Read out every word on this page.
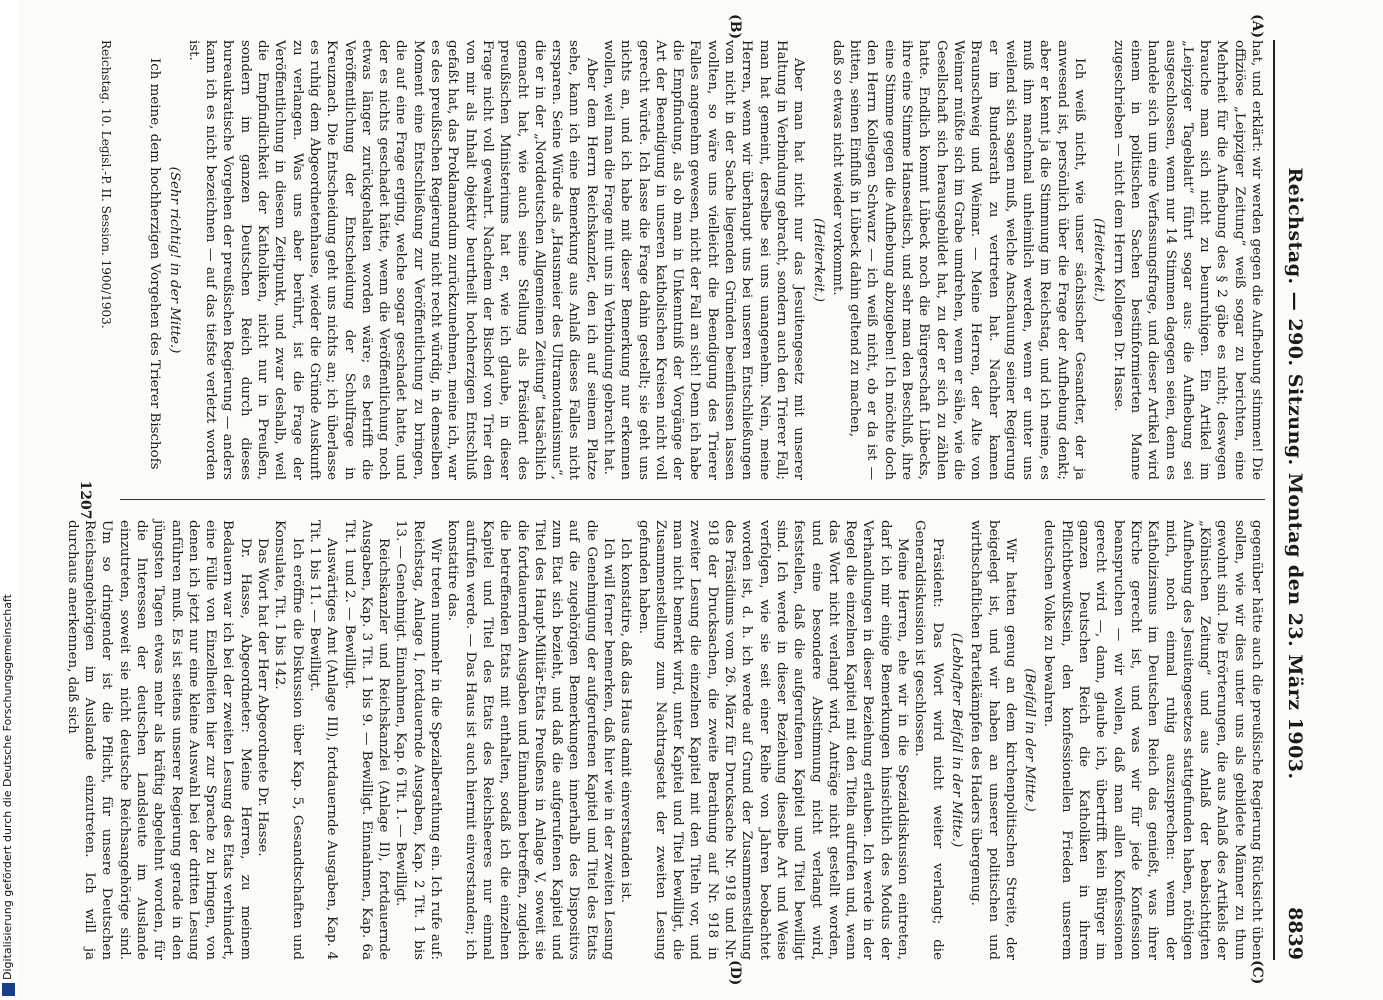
Reichstag. — 290. Sitzung. Montag den 23. März 1903.
8839
(A)
(B)
(C)
(D)

hat, und erklärt: wir werden gegen die Aufhebung stimmen! Die offiziöse „Leipziger Zeitung“ weiß sogar zu berichten, eine Mehrheit für die Aufhebung des § 2 gäbe es nicht; deswegen brauche man sich nicht zu beunruhigen. Ein Artikel im „Leipziger Tageblatt“ führt sogar aus: die Aufhebung sei ausgeschlossen, wenn nur 14 Stimmen dagegen seien, denn es handele sich um eine Verfassungsfrage, und dieser Artikel wird einem in politischen Sachen bestinformierten Manne zugeschrieben — nicht dem Herrn Kollegen Dr. Hasse.

(Heiterkeit.)

Ich weiß nicht, wie unser sächsischer Gesandter, der ja anwesend ist, persönlich über die Frage der Aufhebung denkt; aber er kennt ja die Stimmung im Reichstag, und ich meine, es muß ihm manchmal unheimlich werden, wenn er unter uns weilend sich sagen muß, welche Anschauung seiner Regierung er im Bundesrath zu vertreten hat. Nachher kamen Braunschweig und Weimar. — Meine Herren, der Alte von Weimar müßte sich im Grabe umdrehen, wenn er sähe, wie die Gesellschaft sich herausgebildet hat, zu der er sich zu zählen hatte. Endlich kommt Lübeck noch die Bürgerschaft Lübecks, ihre eine Stimme Hanseatisch, und sehr man den Beschluß, ihre eine Stimme gegen die Aufhebung abzugeben! Ich möchte doch den Herrn Kollegen Schwarz — ich weiß nicht, ob er da ist — bitten, seinen Einfluß in Lübeck dahin geltend zu machen,

daß so etwas nicht wieder vorkommt.

(Heiterkeit.)

Aber man hat nicht nur das Jesuitengesetz mit unserer Haltung in Verbindung gebracht, sondern auch den Trierer Fall; man hat gemeint, derselbe sei uns unangenehm. Nein, meine Herren, wenn wir überhaupt uns bei unseren Entschließungen von nicht in der Sache liegenden Gründen beeinflussen lassen wollten, so wäre uns vielleicht die Beendigung des Trierer Falles angenehm gewesen, nicht der Fall an sich! Denn ich habe die Empfindung, als ob man in Unkenntniß der Vorgänge der Art der Beendigung in unseren katholischen Kreisen nicht voll gerecht würde. Ich lasse die Frage dahin gestellt; sie geht uns nichts an, und ich habe mit dieser Bemerkung nur erkennen wollen, weil man die Frage mit uns in Verbindung gebracht hat.

Aber dem Herrn Reichskanzler, den ich auf seinem Platze sehe, kann ich eine Bemerkung aus Anlaß dieses Falles nicht ersparen. Seine Würde als „Hausmeier des Ultramontanismus“, die er in der „Norddeutschen Allgemeinen Zeitung“ tatsächlich gemacht hat, wie auch seine Stellung als Präsident des preußischen Ministeriums hat er, wie ich glaube, in dieser Frage nicht voll gewahrt. Nachdem der Bischof von Trier den von mir als Inhalt objektiv beurtheilt hochherzigen Entschluß gefaßt hat, das Proklamandum zurückzunehmen, meine ich, war es des preußischen Regierung nicht recht würdig, in demselben Moment eine Entschließung zur Veröffentlichung zu bringen, die auf eine Frage erging, welche sogar geschadet hatte, und der es nichts geschadet hätte, wenn die Veröffentlichung noch etwas länger zurückgehalten worden wäre; es betrifft die Veröffentlichung der Entscheidung der Schulfrage in Kreuznach. Die Entscheidung geht uns nichts an; ich überlasse es ruhig dem Abgeordnetenhause, wieder die Gründe Auskunft zu verlangen. Was uns aber berührt, ist die Frage der Veröffentlichung in diesem Zeitpunkt, und zwar deshalb, weil die Empfindlichkeit der Katholiken, nicht nur in Preußen, sondern im ganzen Deutschen Reich durch dieses bureaukratische Vorgehen der preußischen Regierung — anders kann ich es nicht bezeichnen — auf das tiefste verletzt worden ist.

(Sehr richtig! in der Mitte.)

Ich meine, dem hochherzigen Vorgehen des Trierer Bischofs

gegenüber hätte auch die preußische Regierung Rücksicht üben sollen, wie wir dies unter uns als gebildete Männer zu thun gewohnt sind. Die Erörterungen, die aus Anlaß des Artikels der „Kölnischen Zeitung“ und aus Anlaß der beabsichtigten Aufhebung des Jesuitengesetzes stattgefunden haben, nöthigen mich, noch einmal ruhig auszusprechen: wenn der Katholizismus im Deutschen Reich das genießt, was ihrer Kirche gerecht ist, und was wir für jede Konfession beanspruchen — wir wollen, daß man allen Konfessionen gerecht wird —, dann, glaube ich, übertrifft kein Bürger im ganzen Deutschen Reich die Katholiken in ihrem Pflichtbewußtsein, den konfessionellen Frieden unserem deutschen Volke zu bewahren.

(Beifall in der Mitte.)

Wir hatten genug an dem kirchenpolitischen Streite, der beigelegt ist, und wir haben an unserer politischen und wirthschaftlichen Parteikämpfen des Haders übergenug.

(Lebhafter Beifall in der Mitte.)

Präsident: Das Wort wird nicht weiter verlangt; die Generaldiskussion ist geschlossen.

Meine Herren, ehe wir in die Spezialdiskussion eintreten, darf ich mir einige Bemerkungen hinsichtlich des Modus der Verhandlungen in dieser Beziehung erlauben. Ich werde in der Regel die einzelnen Kapitel mit den Titeln aufrufen und, wenn das Wort nicht verlangt wird, Anträge nicht gestellt worden, und eine besondere Abstimmung nicht verlangt wird, feststellen, daß die aufgerufenen Kapitel und Titel bewilligt sind. Ich werde in dieser Beziehung dieselbe Art und Weise verfolgen, wie sie seit einer Reihe von Jahren beobachtet worden ist, d. h. ich werde auf Grund der Zusammenstellung des Präsidiums vom 26. März für Drucksache Nr. 918 und Nr. 918 der Drucksachen, die zweite Berathung auf Nr. 918 in zweiter Lesung die einzelnen Kapitel mit den Titeln vor, und man nicht bemerkt wird, unter Kapitel und Titel bewilligt, die Zusammenstellung zum Nachtragsetat der zweiten Lesung gefunden haben.

Ich konstatire, daß das Haus damit einverstanden ist.

Ich will ferner bemerken, daß hier wie in der zweiten Lesung die Genehmigung der aufgerufenen Kapitel und Titel des Etats auf die zugehörigen Bemerkungen innerhalb des Dispositivs zum Etat sich bezieht, und daß die aufgerufenen Kapitel und Titel des Haupt-Militär-Etats Preußens in Anlage V, soweit sie die fortdauernden Ausgaben und Einnahmen betreffen, zugleich die betreffenden Etats mit enthalten, sodaß ich die einzelnen Kapitel und Titel des Etats des Reichsheeres nur einmal aufrufen werde. — Das Haus ist auch hiermit einverstanden; ich konstatire das.

Wir treten nunmehr in die Spezialberathung ein. Ich rufe auf: Reichstag, Anlage I, fortdauernde Ausgaben, Kap. 2 Tit. 1 bis 13. — Genehmigt. Einnahmen, Kap. 6 Tit. 1. — Bewilligt.

Reichskanzler und Reichskanzlei (Anlage II), fortdauernde Ausgaben, Kap. 3 Tit. 1 bis 9. — Bewilligt. Einnahmen, Kap. 6a Tit. 1 und 2. — Bewilligt.

Auswärtiges Amt (Anlage III), fortdauernde Ausgaben, Kap. 4 Tit. 1 bis 11. — Bewilligt.

Ich eröffne die Diskussion über Kap. 5, Gesandtschaften und Konsulate, Tit. 1 bis 142.

Das Wort hat der Herr Abgeordnete Dr. Hasse.

Dr. Hasse, Abgeordneter: Meine Herren, zu meinem Bedauern war ich bei der zweiten Lesung des Etats verhindert, eine Fülle von Einzelheiten hier zur Sprache zu bringen, von denen ich jetzt nur eine kleine Auswahl bei der dritten Lesung anführen muß. Es ist seitens unserer Regierung gerade in den jüngsten Tagen etwas mehr als kräftig abgelehnt worden, für die Interessen der deutschen Landsleute im Auslande einzutreten, soweit sie nicht deutsche Reichsangehörige sind. Um so dringender ist die Pflicht, für unsere Deutschen Reichsangehörigen im Auslande einzutreten. Ich will ja durchaus anerkennen, daß sich

Reichstag. 10. Legisl.-P. II. Session. 1900/1903.
1207
Digitalisierung gefördert durch die Deutsche Forschungsgemeinschaft
